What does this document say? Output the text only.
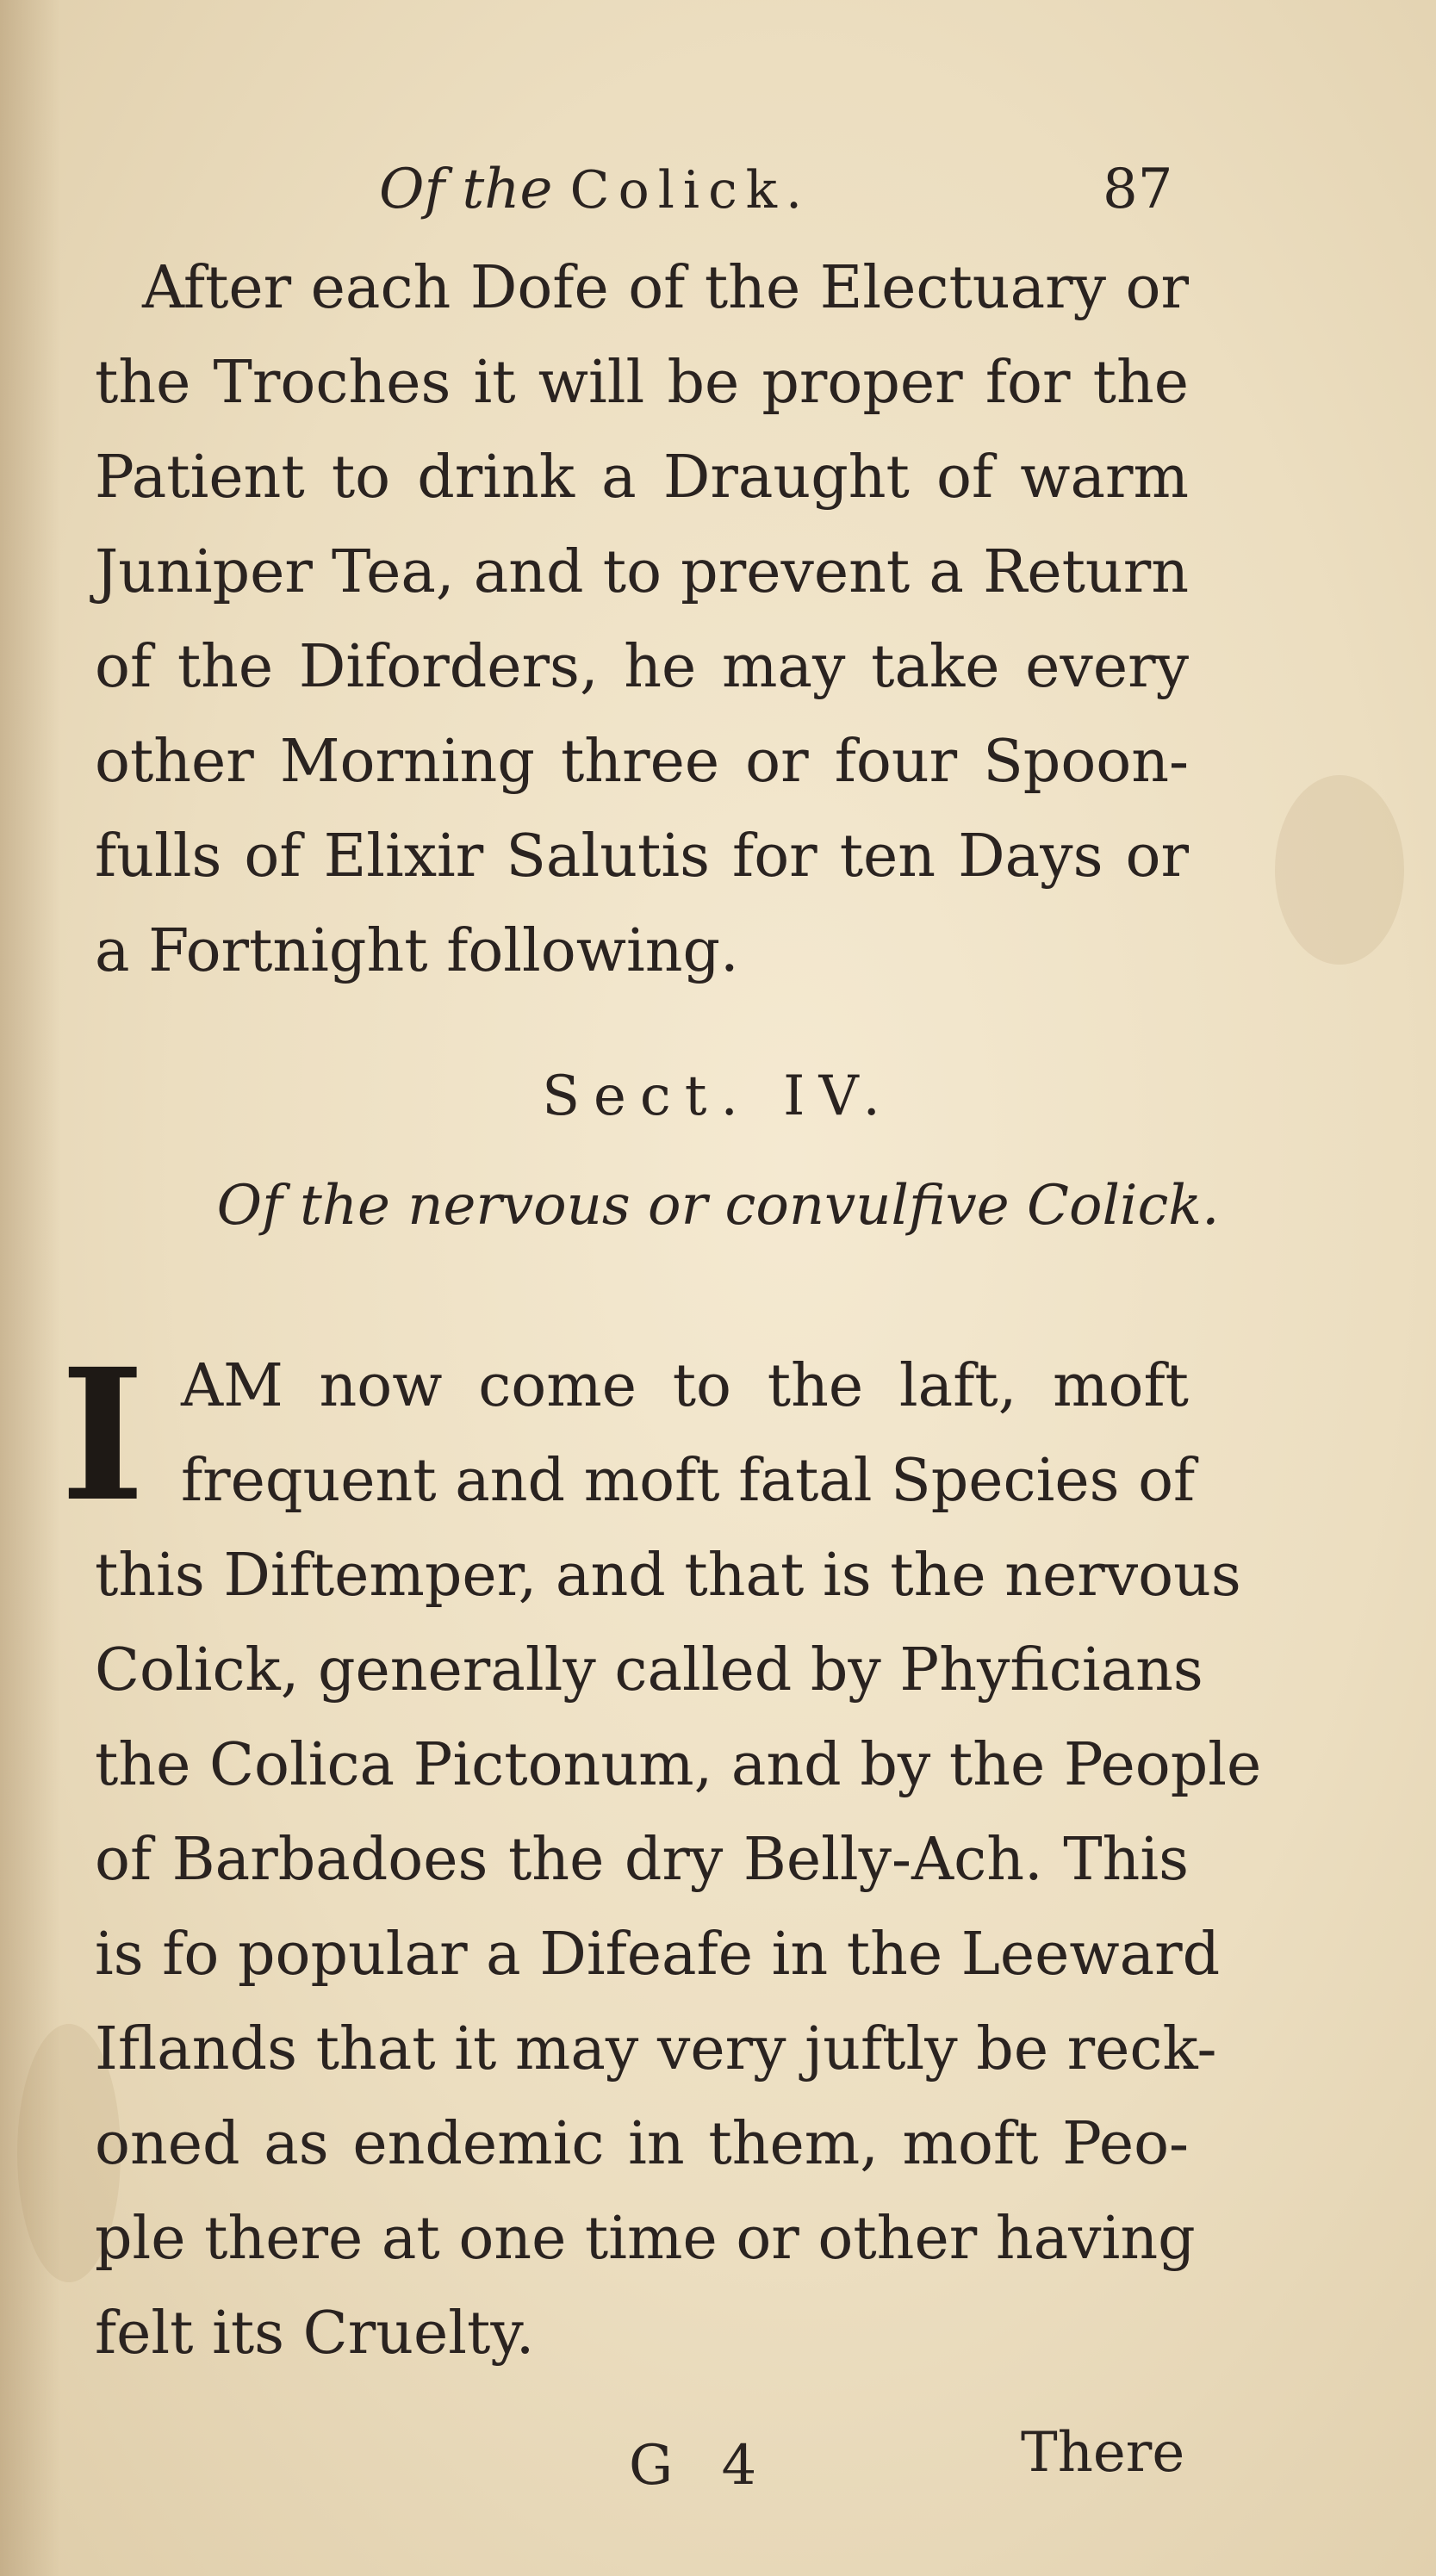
Of the Colick.	87
After each Dofe of the Electuary or
the Troches it will be proper for the
Patient to drink a Draught of warm
Juniper Tea, and to prevent a Return
of the Diforders, he may take every
other Morning three or four Spoon-
fulls of Elixir Salutis for ten Days or
a Fortnight following.
Sect. IV.
Of the nervous or convulfive Colick.
I AM now come to the laft, moft
frequent and moft fatal Species of
this Diftemper, and that is the nervous
Colick, generally called by Phyficians
the Colica Pictonum, and by the People
of Barbadoes the dry Belly-Ach. This
is fo popular a Difeafe in the Leeward
Iflands that it may very juftly be reck-
oned as endemic in them, moft Peo-
ple there at one time or other having
felt its Cruelty.
G 4	There
